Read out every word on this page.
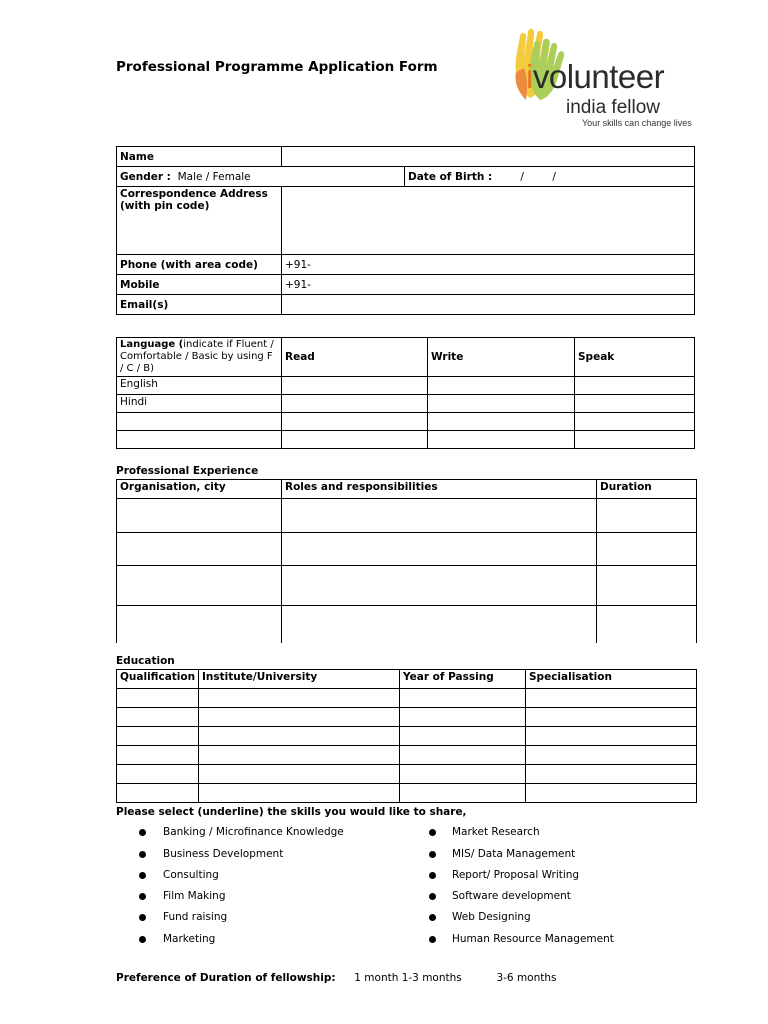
Professional Programme Application Form	ivolunteer
india fellow
Your skills can change lives
Name		
Gender : Male / Female		Date of Birth : / /
Correspondence Address (with pin code)		
Phone (with area code)	+91-	
Mobile	+91-	
Email(s)		
Language (indicate if Fluent / Comfortable / Basic by using F / C / B)	Read	Write	Speak
English			
Hindi			

Professional Experience
Organisation, city	Roles and responsibilities	Duration

Education
Qualification	Institute/University	Year of Passing	Specialisation

Please select (underline) the skills you would like to share,
Banking / Microfinance Knowledge
Business Development
Consulting
Film Making
Fund raising
Marketing
Market Research
MIS/ Data Management
Report/ Proposal Writing
Software development
Web Designing
Human Resource Management
Preference of Duration of fellowship: 1 month 1-3 months	3-6 months
